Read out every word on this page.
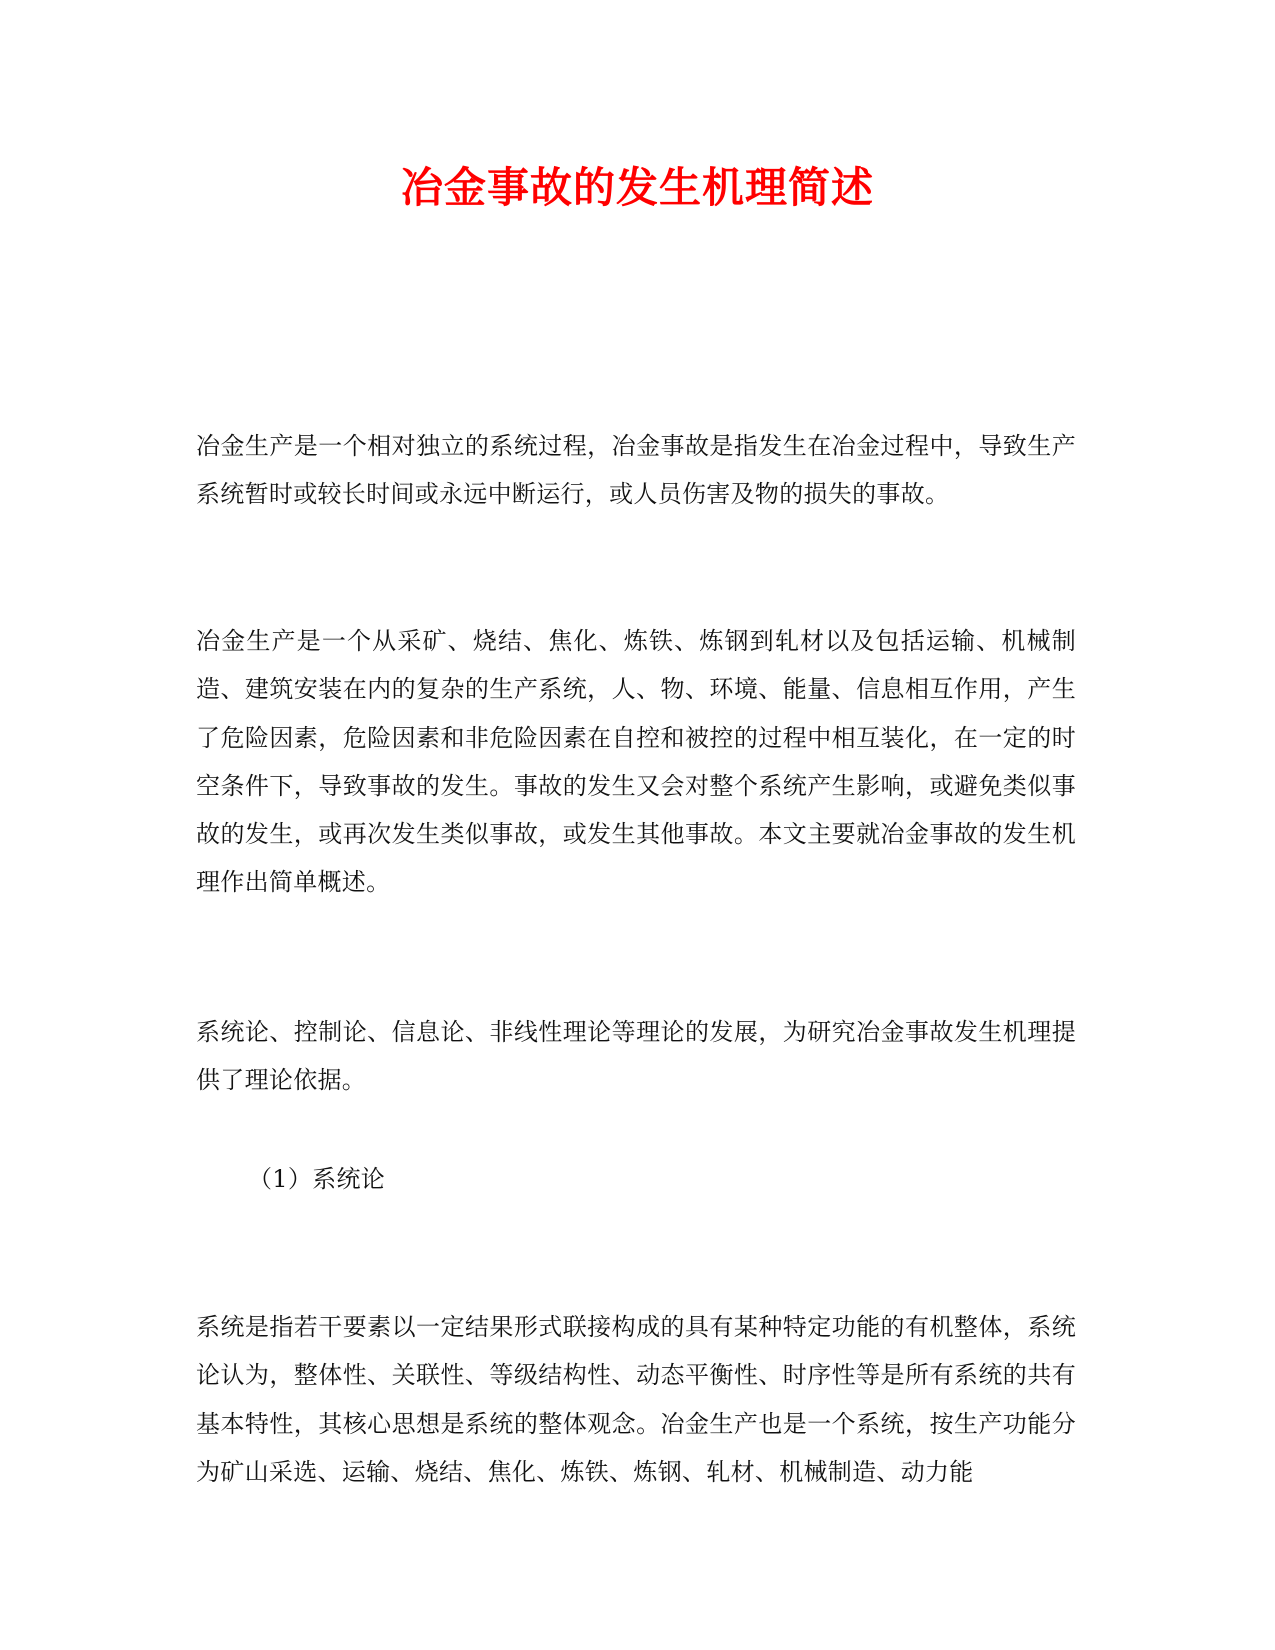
冶金事故的发生机理简述

冶金生产是一个相对独立的系统过程，冶金事故是指发生在冶金过程中，导致生产系统暂时或较长时间或永远中断运行，或人员伤害及物的损失的事故。

冶金生产是一个从采矿、烧结、焦化、炼铁、炼钢到轧材以及包括运输、机械制造、建筑安装在内的复杂的生产系统，人、物、环境、能量、信息相互作用，产生了危险因素，危险因素和非危险因素在自控和被控的过程中相互装化，在一定的时空条件下，导致事故的发生。事故的发生又会对整个系统产生影响，或避免类似事故的发生，或再次发生类似事故，或发生其他事故。本文主要就冶金事故的发生机理作出简单概述。

系统论、控制论、信息论、非线性理论等理论的发展，为研究冶金事故发生机理提供了理论依据。

（1）系统论

系统是指若干要素以一定结果形式联接构成的具有某种特定功能的有机整体，系统论认为，整体性、关联性、等级结构性、动态平衡性、时序性等是所有系统的共有基本特性，其核心思想是系统的整体观念。冶金生产也是一个系统，按生产功能分为矿山采选、运输、烧结、焦化、炼铁、炼钢、轧材、机械制造、动力能
